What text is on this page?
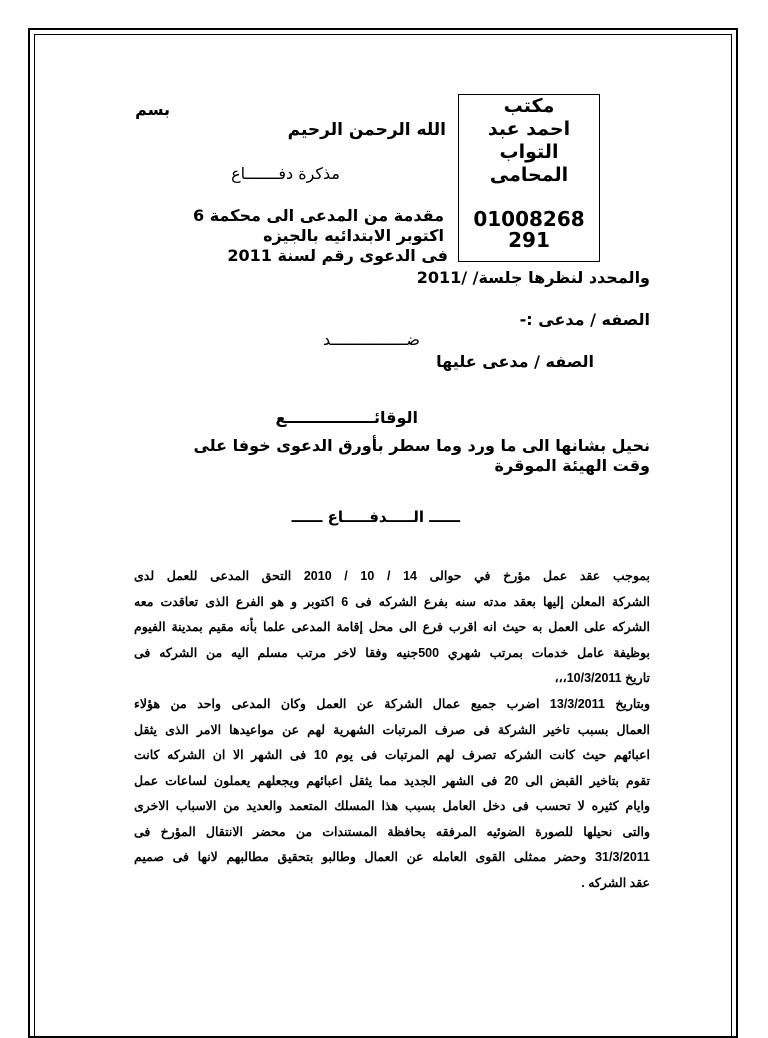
مكتب
احمد عبد
التواب
المحامى
01008268
291
بسم
الله الرحمن الرحيم
مذكرة دفـــــــاع
مقدمة من المدعى الى محكمة 6
اكتوبر الابتدائيه بالجيزه
فى الدعوى رقم لسنة 2011
والمحدد لنظرها جلسة/ /2011
الصفه / مدعى :-
ضــــــــــــــــد
الصفه / مدعى عليها
الوقائــــــــــــــــع
نحيل بشانها الى ما ورد وما سطر بأورق الدعوى خوفا على
وقت الهيئة الموقرة
ــــــ الـــــدفـــــاع ــــــ
بموجب عقد عمل مؤرخ في حوالى 14 / 10 / 2010 التحق المدعى للعمل لدى
الشركة المعلن إليها بعقد مدته سنه بفرع الشركه فى 6 اكتوبر و هو الفرع الذى تعاقدت معه
الشركه على العمل به حيث انه اقرب فرع الى محل إقامة المدعى علما بأنه مقيم بمدينة الفيوم
بوظيفة عامل خدمات بمرتب شهري 500جنيه وفقا لاخر مرتب مسلم اليه من الشركه فى
تاريخ 10/3/2011،،،
وبتاريخ 13/3/2011 اضرب جميع عمال الشركة عن العمل وكان المدعى واحد من هؤلاء
العمال بسبب تاخير الشركة فى صرف المرتبات الشهرية لهم عن مواعيدها الامر الذى يثقل
اعبائهم حيث كانت الشركه تصرف لهم المرتبات فى يوم 10 فى الشهر الا ان الشركه كانت
تقوم بتاخير القبض الى 20 فى الشهر الجديد مما يثقل اعبائهم ويجعلهم يعملون لساعات عمل
وايام كثيره لا تحسب فى دخل العامل بسبب هذا المسلك المتعمد والعديد من الاسباب الاخرى
والتى نحيلها للصورة الضوئيه المرفقه بحافظة المستندات من محضر الانتقال المؤرخ فى
31/3/2011 وحضر ممثلى القوى العامله عن العمال وطالبو بتحقيق مطالبهم لانها فى صميم
عقد الشركه .
